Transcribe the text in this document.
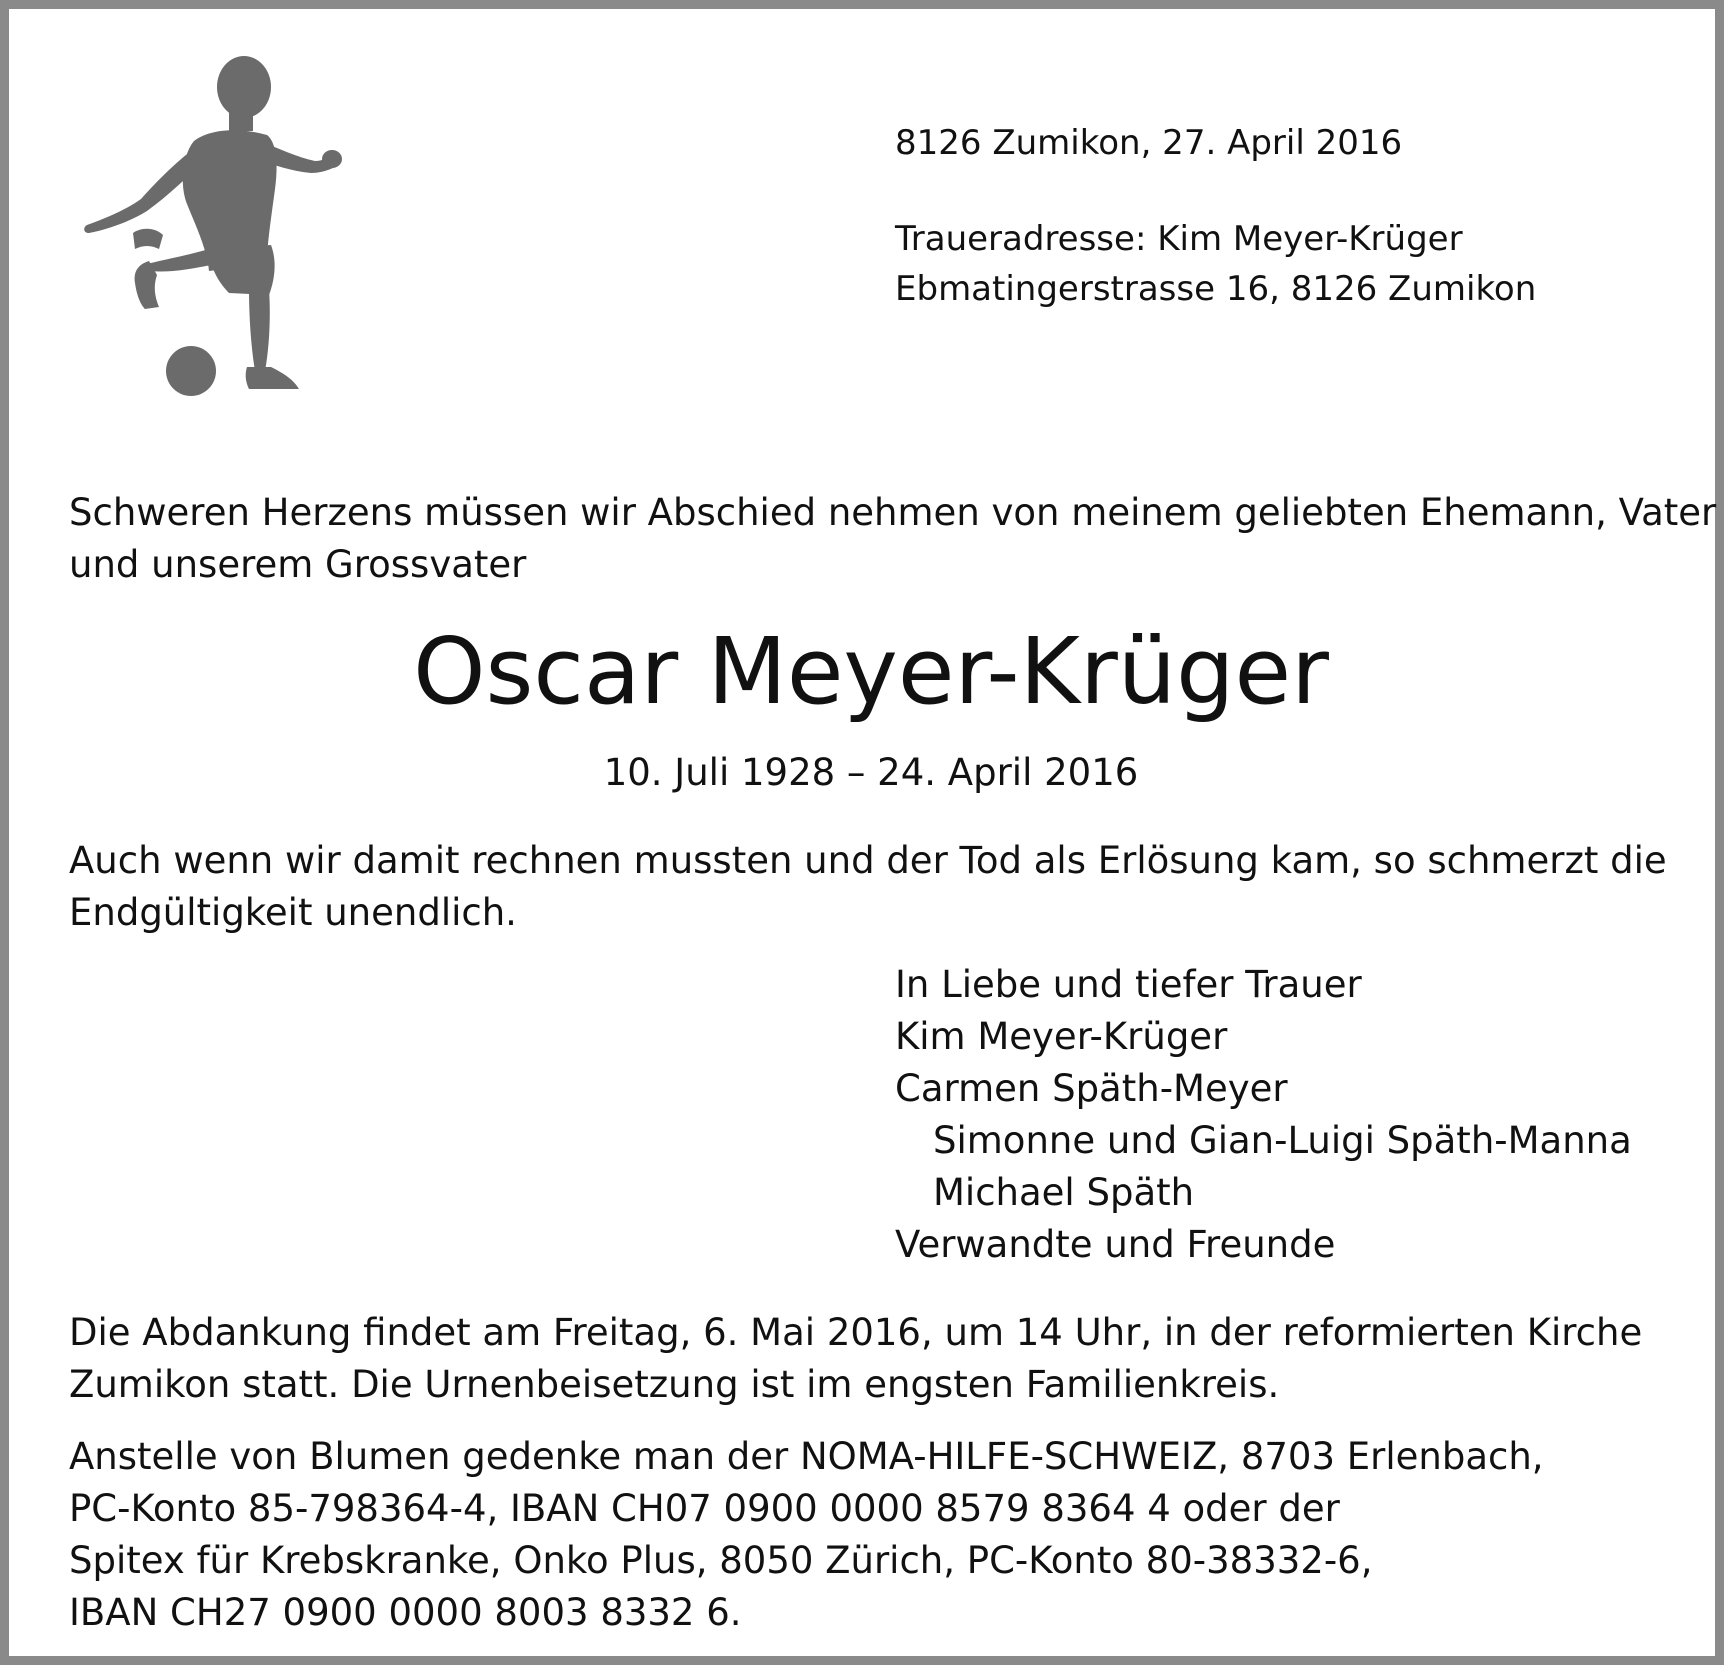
8126 Zumikon, 27. April 2016
Traueradresse: Kim Meyer-Krüger
Ebmatingerstrasse 16, 8126 Zumikon
Schweren Herzens müssen wir Abschied nehmen von meinem geliebten Ehemann, Vater
und unserem Grossvater
Oscar Meyer-Krüger
10. Juli 1928 – 24. April 2016
Auch wenn wir damit rechnen mussten und der Tod als Erlösung kam, so schmerzt die
Endgültigkeit unendlich.
In Liebe und tiefer Trauer
Kim Meyer-Krüger
Carmen Späth-Meyer
Simonne und Gian-Luigi Späth-Manna
Michael Späth
Verwandte und Freunde
Die Abdankung findet am Freitag, 6. Mai 2016, um 14 Uhr, in der reformierten Kirche
Zumikon statt. Die Urnenbeisetzung ist im engsten Familienkreis.
Anstelle von Blumen gedenke man der NOMA-HILFE-SCHWEIZ, 8703 Erlenbach,
PC-Konto 85-798364-4, IBAN CH07 0900 0000 8579 8364 4 oder der
Spitex für Krebskranke, Onko Plus, 8050 Zürich, PC-Konto 80-38332-6,
IBAN CH27 0900 0000 8003 8332 6.
